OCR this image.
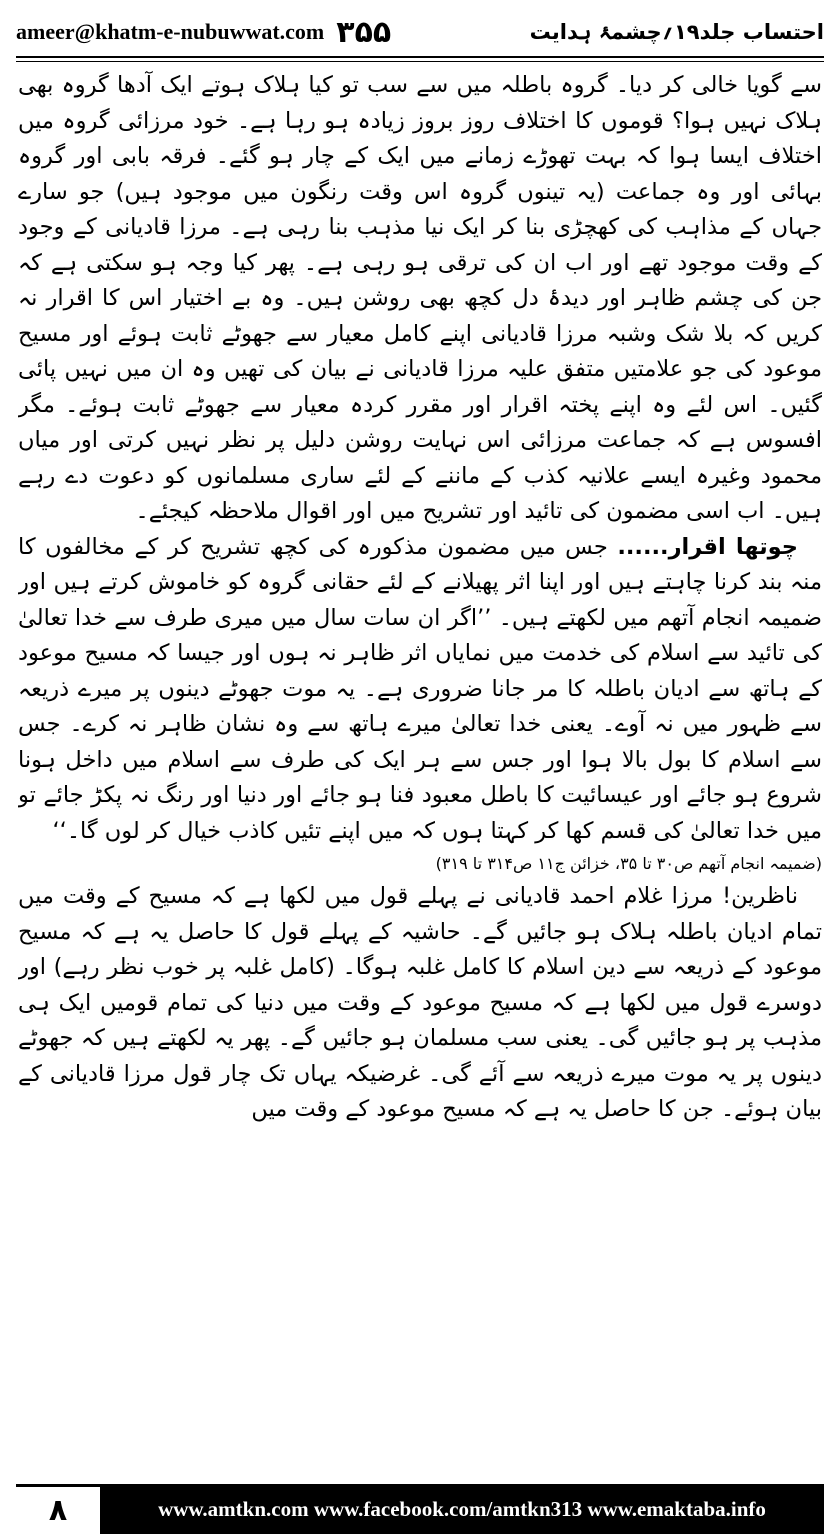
ameer@khatm-e-nubuwwat.com ۳۵۵	احتساب جلد۱۹؍چشمۂ ہدایت

سے گویا خالی کر دیا۔ گروہ باطلہ میں سے سب تو کیا ہلاک ہوتے ایک آدھا گروہ بھی ہلاک نہیں ہوا؟ قوموں کا اختلاف روز بروز زیادہ ہو رہا ہے۔ خود مرزائی گروہ میں اختلاف ایسا ہوا کہ بہت تھوڑے زمانے میں ایک کے چار ہو گئے۔ فرقہ بابی اور گروہ بہائی اور وہ جماعت (یہ تینوں گروہ اس وقت رنگون میں موجود ہیں) جو سارے جہاں کے مذاہب کی کھچڑی بنا کر ایک نیا مذہب بنا رہی ہے۔ مرزا قادیانی کے وجود کے وقت موجود تھے اور اب ان کی ترقی ہو رہی ہے۔ پھر کیا وجہ ہو سکتی ہے کہ جن کی چشم ظاہر اور دیدۂ دل کچھ بھی روشن ہیں۔ وہ بے اختیار اس کا اقرار نہ کریں کہ بلا شک وشبہ مرزا قادیانی اپنے کامل معیار سے جھوٹے ثابت ہوئے اور مسیح موعود کی جو علامتیں متفق علیہ مرزا قادیانی نے بیان کی تھیں وہ ان میں نہیں پائی گئیں۔ اس لئے وہ اپنے پختہ اقرار اور مقرر کردہ معیار سے جھوٹے ثابت ہوئے۔ مگر افسوس ہے کہ جماعت مرزائی اس نہایت روشن دلیل پر نظر نہیں کرتی اور میاں محمود وغیرہ ایسے علانیہ کذب کے ماننے کے لئے ساری مسلمانوں کو دعوت دے رہے ہیں۔ اب اسی مضمون کی تائید اور تشریح میں اور اقوال ملاحظہ کیجئے۔

چوتھا اقرار...... جس میں مضمون مذکورہ کی کچھ تشریح کر کے مخالفوں کا منہ بند کرنا چاہتے ہیں اور اپنا اثر پھیلانے کے لئے حقانی گروہ کو خاموش کرتے ہیں اور ضمیمہ انجام آتھم میں لکھتے ہیں۔ ’’اگر ان سات سال میں میری طرف سے خدا تعالیٰ کی تائید سے اسلام کی خدمت میں نمایاں اثر ظاہر نہ ہوں اور جیسا کہ مسیح موعود کے ہاتھ سے ادیان باطلہ کا مر جانا ضروری ہے۔ یہ موت جھوٹے دینوں پر میرے ذریعہ سے ظہور میں نہ آوے۔ یعنی خدا تعالیٰ میرے ہاتھ سے وہ نشان ظاہر نہ کرے۔ جس سے اسلام کا بول بالا ہوا اور جس سے ہر ایک کی طرف سے اسلام میں داخل ہونا شروع ہو جائے اور عیسائیت کا باطل معبود فنا ہو جائے اور دنیا اور رنگ نہ پکڑ جائے تو میں خدا تعالیٰ کی قسم کھا کر کہتا ہوں کہ میں اپنے تئیں کاذب خیال کر لوں گا۔‘‘

(ضمیمہ انجام آتھم ص۳۰ تا ۳۵، خزائن ج۱۱ ص۳۱۴ تا ۳۱۹)

ناظرین! مرزا غلام احمد قادیانی نے پہلے قول میں لکھا ہے کہ مسیح کے وقت میں تمام ادیان باطلہ ہلاک ہو جائیں گے۔ حاشیہ کے پہلے قول کا حاصل یہ ہے کہ مسیح موعود کے ذریعہ سے دین اسلام کا کامل غلبہ ہوگا۔ (کامل غلبہ پر خوب نظر رہے) اور دوسرے قول میں لکھا ہے کہ مسیح موعود کے وقت میں دنیا کی تمام قومیں ایک ہی مذہب پر ہو جائیں گی۔ یعنی سب مسلمان ہو جائیں گے۔ پھر یہ لکھتے ہیں کہ جھوٹے دینوں پر یہ موت میرے ذریعہ سے آئے گی۔ غرضیکہ یہاں تک چار قول مرزا قادیانی کے بیان ہوئے۔ جن کا حاصل یہ ہے کہ مسیح موعود کے وقت میں

۸	www.amtkn.com www.facebook.com/amtkn313 www.emaktaba.info
